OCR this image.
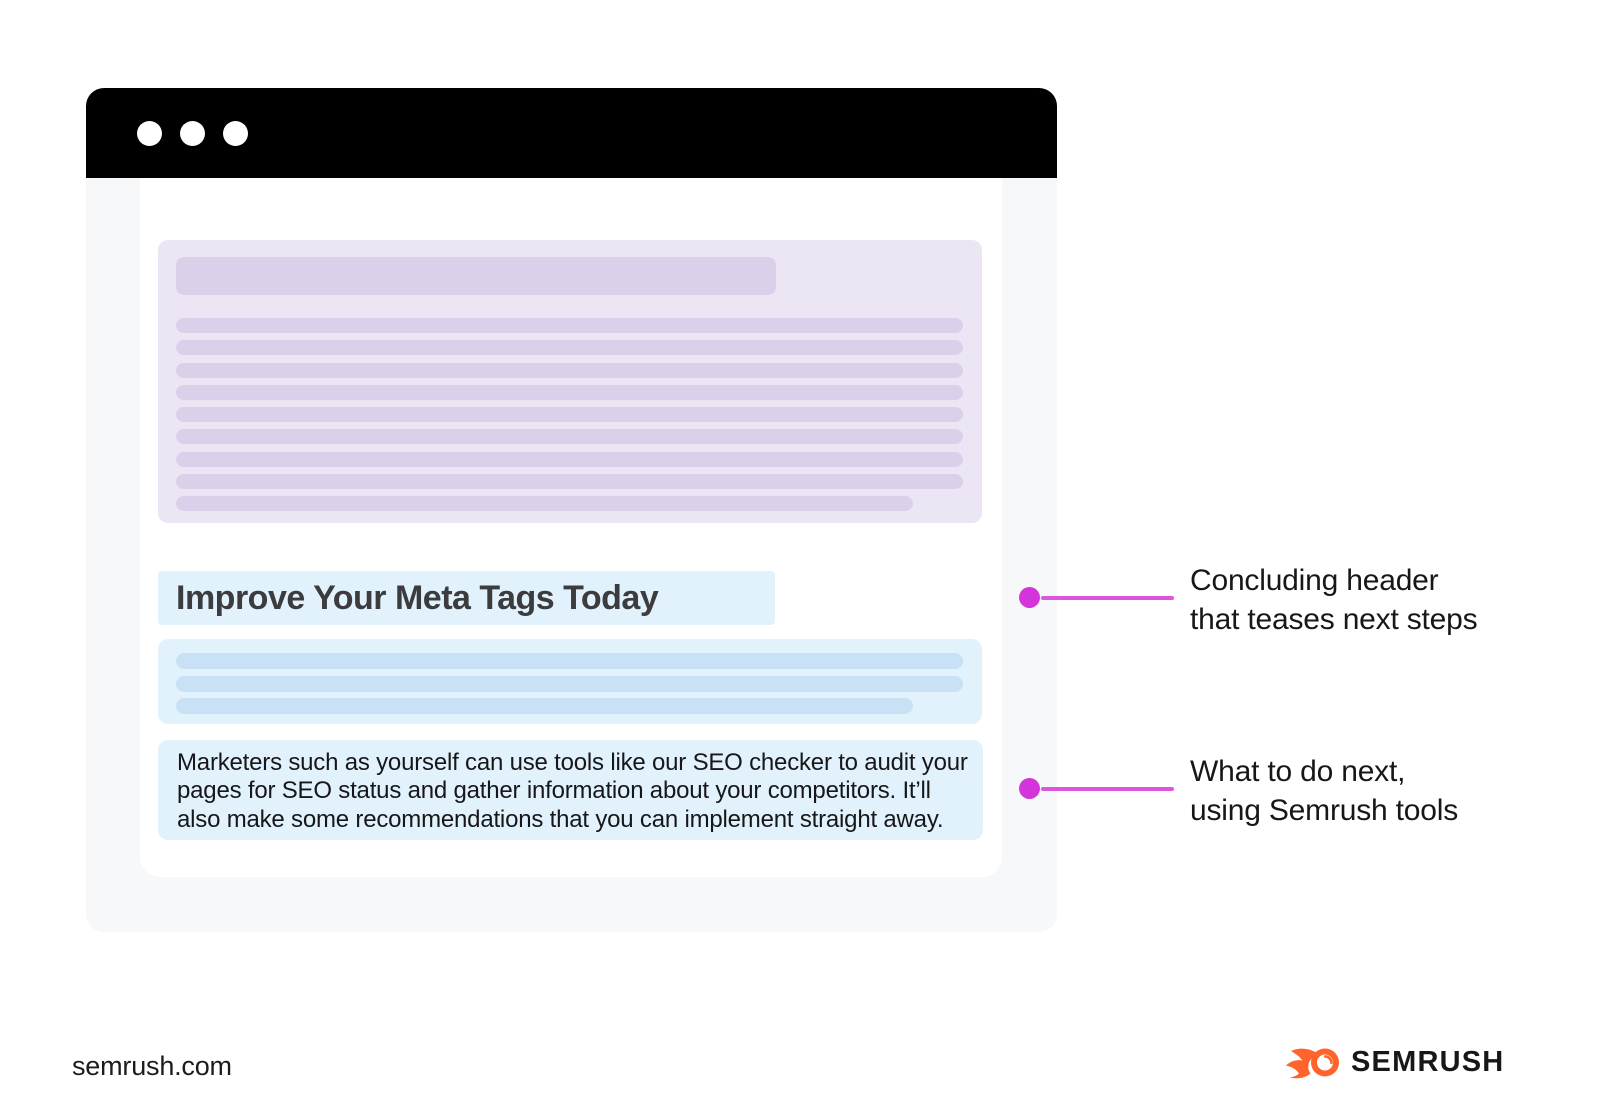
Improve Your Meta Tags Today
Marketers such as yourself can use tools like our SEO checker to audit your
pages for SEO status and gather information about your competitors. It’ll
also make some recommendations that you can implement straight away.
Concluding header
that teases next steps
What to do next,
using Semrush tools
semrush.com	SEMRUSH
